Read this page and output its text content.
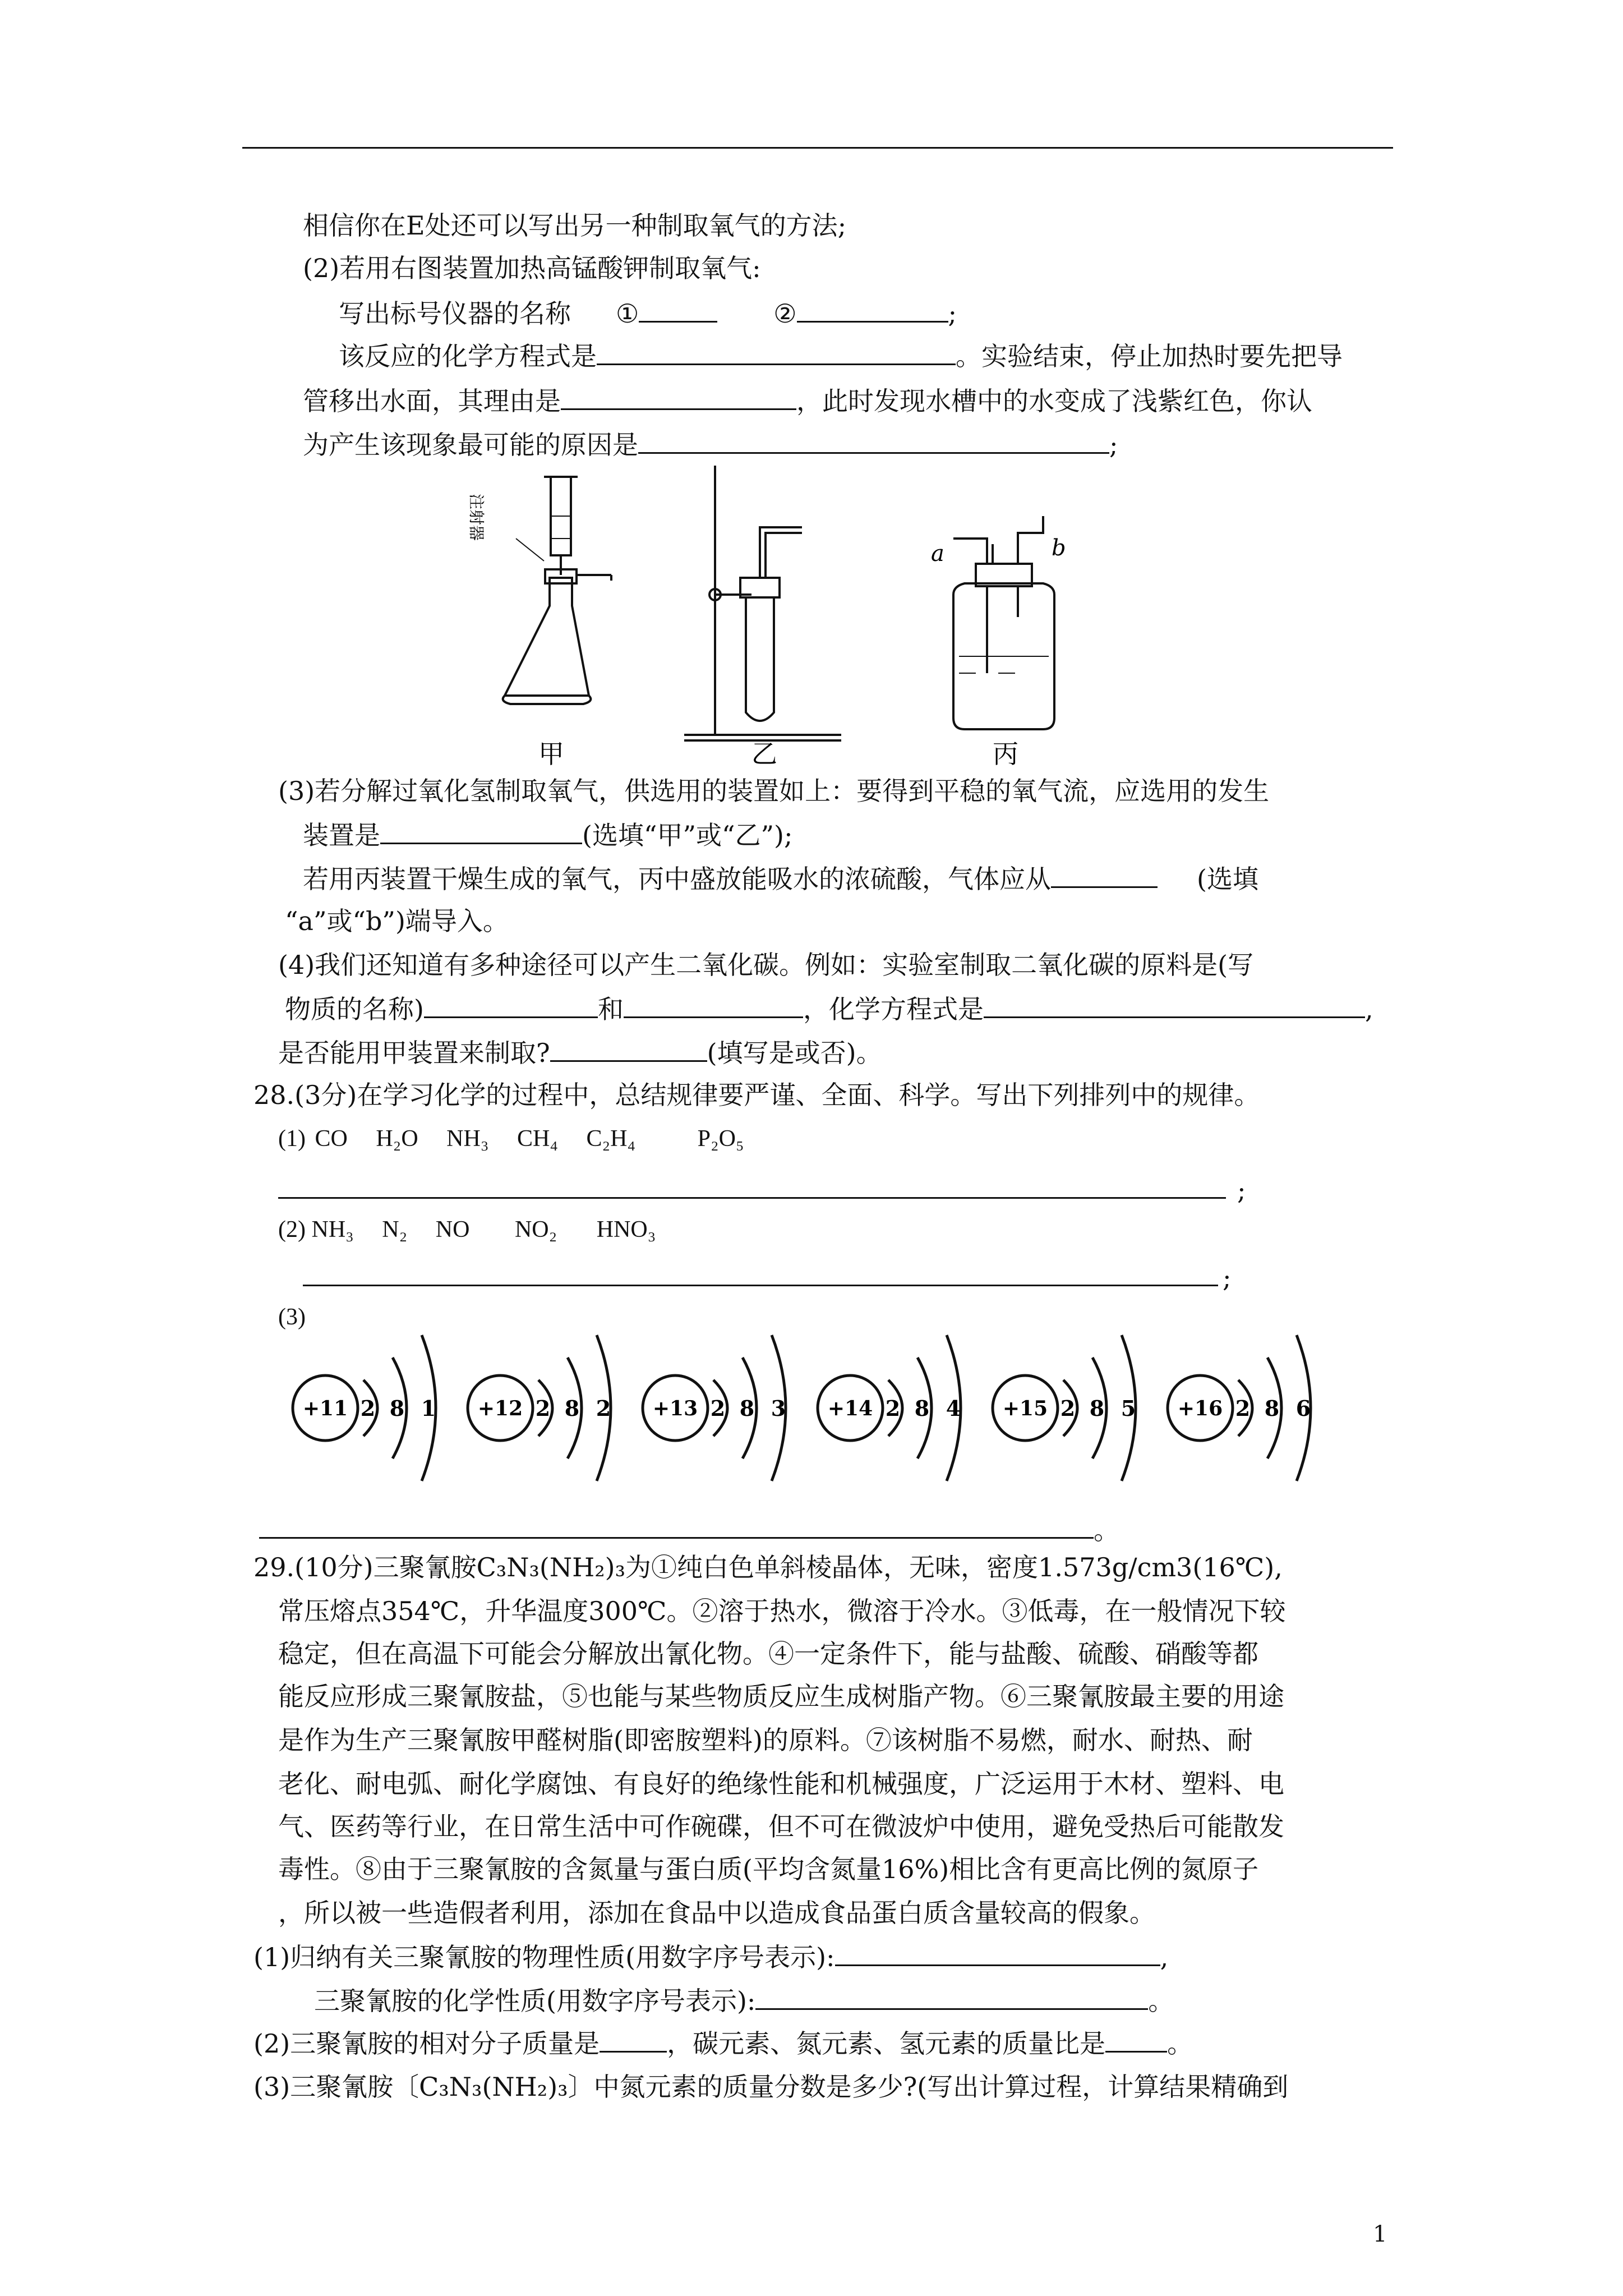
相信你在E处还可以写出另一种制取氧气的方法;
(2)若用右图装置加热高锰酸钾制取氧气:
写出标号仪器的名称 ①	②	;
该反应的化学方程式是	。实验结束，停止加热时要先把导
管移出水面，其理由是	，此时发现水槽中的水变成了浅紫红色，你认
为产生该现象最可能的原因是	;
注射器
甲	乙	丙
a	b
(3)若分解过氧化氢制取氧气，供选用的装置如上：要得到平稳的氧气流，应选用的发生
装置是	(选填“甲”或“乙”);
若用丙装置干燥生成的氧气，丙中盛放能吸水的浓硫酸，气体应从	(选填
“a”或“b”)端导入。
(4)我们还知道有多种途径可以产生二氧化碳。例如：实验室制取二氧化碳的原料是(写
物质的名称)	和	，化学方程式是	,
是否能用甲装置来制取?	(填写是或否)。
28.(3分)在学习化学的过程中，总结规律要严谨、全面、科学。写出下列排列中的规律。
(1) CO H₂O NH₃ CH₄ C₂H₄	P₂O₅
;
(2) NH₃ N₂ NO NO₂ HNO₃
;
(3)
+11 2 8 1 +12 2 8 2 +13 2 8 3 +14 2 8 4 +15 2 8 5 +16 2 8 6
。
29.(10分)三聚氰胺C₃N₃(NH₂)₃为①纯白色单斜棱晶体，无味，密度1.573g/cm3(16℃),
常压熔点354℃，升华温度300℃。②溶于热水，微溶于冷水。③低毒，在一般情况下较
稳定，但在高温下可能会分解放出氰化物。④一定条件下，能与盐酸、硫酸、硝酸等都
能反应形成三聚氰胺盐，⑤也能与某些物质反应生成树脂产物。⑥三聚氰胺最主要的用途
是作为生产三聚氰胺甲醛树脂(即密胺塑料)的原料。⑦该树脂不易燃，耐水、耐热、耐
老化、耐电弧、耐化学腐蚀、有良好的绝缘性能和机械强度，广泛运用于木材、塑料、电
气、医药等行业，在日常生活中可作碗碟，但不可在微波炉中使用，避免受热后可能散发
毒性。⑧由于三聚氰胺的含氮量与蛋白质(平均含氮量16%)相比含有更高比例的氮原子
，所以被一些造假者利用，添加在食品中以造成食品蛋白质含量较高的假象。
(1)归纳有关三聚氰胺的物理性质(用数字序号表示):	,
三聚氰胺的化学性质(用数字序号表示):	。
(2)三聚氰胺的相对分子质量是	，碳元素、氮元素、氢元素的质量比是 。
(3)三聚氰胺〔C₃N₃(NH₂)₃〕中氮元素的质量分数是多少?(写出计算过程，计算结果精确到
1
